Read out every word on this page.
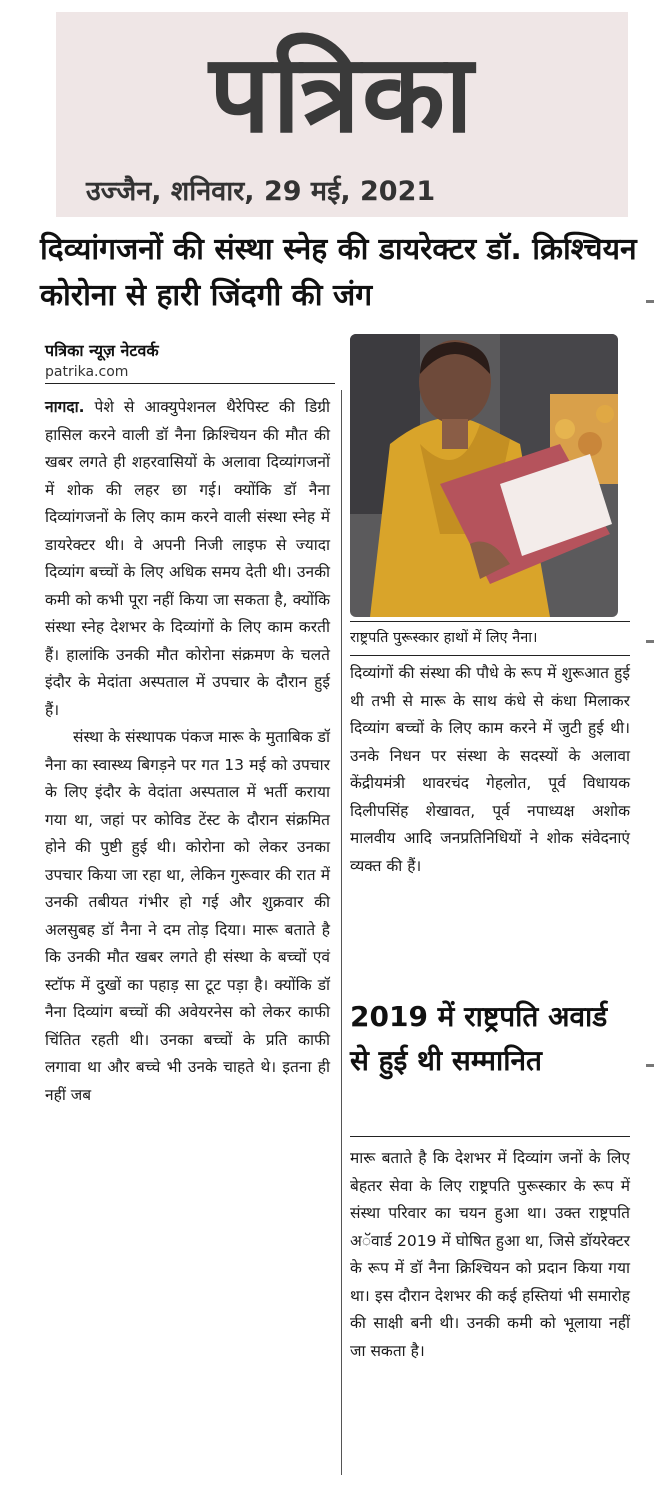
पत्रिका
उज्जैन, शनिवार, 29 मई, 2021
दिव्यांगजनों की संस्था स्नेह की डायरेक्टर डॉ. क्रिश्चियन कोरोना से हारी जिंदगी की जंग
पत्रिका न्यूज़ नेटवर्क
patrika.com

नागदा. पेशे से आक्युपेशनल थैरेपिस्ट की डिग्री हासिल करने वाली डॉ नैना क्रिश्चियन की मौत की खबर लगते ही शहरवासियों के अलावा दिव्यांगजनों में शोक की लहर छा गई। क्योंकि डॉ नैना दिव्यांगजनों के लिए काम करने वाली संस्था स्नेह में डायरेक्टर थी। वे अपनी निजी लाइफ से ज्यादा दिव्यांग बच्चों के लिए अधिक समय देती थी। उनकी कमी को कभी पूरा नहीं किया जा सकता है, क्योंकि संस्था स्नेह देशभर के दिव्यांगों के लिए काम करती हैं। हालांकि उनकी मौत कोरोना संक्रमण के चलते इंदौर के मेदांता अस्पताल में उपचार के दौरान हुई हैं।

संस्था के संस्थापक पंकज मारू के मुताबिक डॉ नैना का स्वास्थ्य बिगड़ने पर गत 13 मई को उपचार के लिए इंदौर के वेदांता अस्पताल में भर्ती कराया गया था, जहां पर कोविड टेंस्ट के दौरान संक्रमित होने की पुष्टी हुई थी। कोरोना को लेकर उनका उपचार किया जा रहा था, लेकिन गुरूवार की रात में उनकी तबीयत गंभीर हो गई और शुक्रवार की अलसुबह डॉ नैना ने दम तोड़ दिया। मारू बताते है कि उनकी मौत खबर लगते ही संस्था के बच्चों एवं स्टॉफ में दुखों का पहाड़ सा टूट पड़ा है। क्योंकि डॉ नैना दिव्यांग बच्चों की अवेयरनेस को लेकर काफी चिंतित रहती थी। उनका बच्चों के प्रति काफी लगावा था और बच्चे भी उनके चाहते थे। इतना ही नहीं जब

राष्ट्रपति पुरूस्कार हाथों में लिए नैना।

दिव्यांगों की संस्था की पौधे के रूप में शुरूआत हुई थी तभी से मारू के साथ कंधे से कंधा मिलाकर दिव्यांग बच्चों के लिए काम करने में जुटी हुई थी। उनके निधन पर संस्था के सदस्यों के अलावा केंद्रीयमंत्री थावरचंद गेहलोत, पूर्व विधायक दिलीपसिंह शेखावत, पूर्व नपाध्यक्ष अशोक मालवीय आदि जनप्रतिनिधियों ने शोक संवेदनाएं व्यक्त की हैं।

2019 में राष्ट्रपति अवार्ड से हुई थी सम्मानित

मारू बताते है कि देशभर में दिव्यांग जनों के लिए बेहतर सेवा के लिए राष्ट्रपति पुरूस्कार के रूप में संस्था परिवार का चयन हुआ था। उक्त राष्ट्रपति अॅवार्ड 2019 में घोषित हुआ था, जिसे डॉयरेक्टर के रूप में डॉ नैना क्रिश्चियन को प्रदान किया गया था। इस दौरान देशभर की कई हस्तियां भी समारोह की साक्षी बनी थी। उनकी कमी को भूलाया नहीं जा सकता है।
